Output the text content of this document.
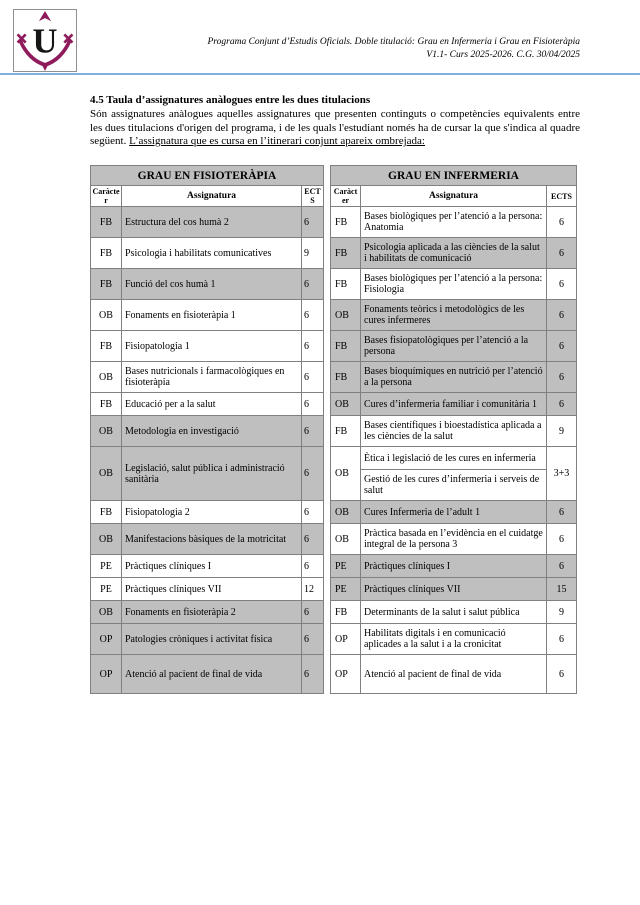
U	Programa Conjunt d’Estudis Oficials. Doble titulació: Grau en Infermeria i Grau en Fisioteràpia
V1.1- Curs 2025-2026. C.G. 30/04/2025
4.5 Taula d’assignatures anàlogues entre les dues titulacions

Són assignatures anàlogues aquelles assignatures que presenten continguts o competències equivalents entre les dues titulacions d'origen del programa, i de les quals l'estudiant només ha de cursar la que s'indica al quadre següent. L’assignatura que es cursa en l’itinerari conjunt apareix ombrejada:

GRAU EN FISIOTERÀPIA				GRAU EN INFERMERIA		
Caràcter	Assignatura	ECTS		Caràcter	Assignatura	ECTS
FB	Estructura del cos humà 2	6		FB	Bases biològiques per l’atenció a la persona: Anatomia	6
FB	Psicologia i habilitats comunicatives	9		FB	Psicologia aplicada a las ciències de la salut i habilitats de comunicació	6
FB	Funció del cos humà 1	6		FB	Bases biològiques per l’atenció a la persona: Fisiologia	6
OB	Fonaments en fisioteràpia 1	6		OB	Fonaments teòrics i metodològics de les cures infermeres	6
FB	Fisiopatologia 1	6		FB	Bases fisiopatològiques per l’atenció a la persona	6
OB	Bases nutricionals i farmacològiques en fisioteràpia	6		FB	Bases bioquímiques en nutrició per l’atenció a la persona	6
FB	Educació per a la salut	6		OB	Cures d’infermeria familiar i comunitària 1	6
OB	Metodologia en investigació	6		FB	Bases científiques i bioestadística aplicada a les ciències de la salut	9
OB	Legislació, salut pública i administració sanitària	6		OB	Ètica i legislació de les cures en infermeria	3+3
					Gestió de les cures d’infermeria i serveis de salut	
FB	Fisiopatologia 2	6		OB	Cures Infermeria de l’adult 1	6
OB	Manifestacions bàsiques de la motricitat	6		OB	Pràctica basada en l’evidència en el cuidatge integral de la persona 3	6
PE	Pràctiques clíniques I	6		PE	Pràctiques clíniques I	6
PE	Pràctiques clíniques VII	12		PE	Pràctiques clíniques VII	15
OB	Fonaments en fisioteràpia 2	6		FB	Determinants de la salut i salut pública	9
OP	Patologies cròniques i activitat física	6		OP	Habilitats digitals i en comunicació aplicades a la salut i a la cronicitat	6
OP	Atenció al pacient de final de vida	6		OP	Atenció al pacient de final de vida	6
